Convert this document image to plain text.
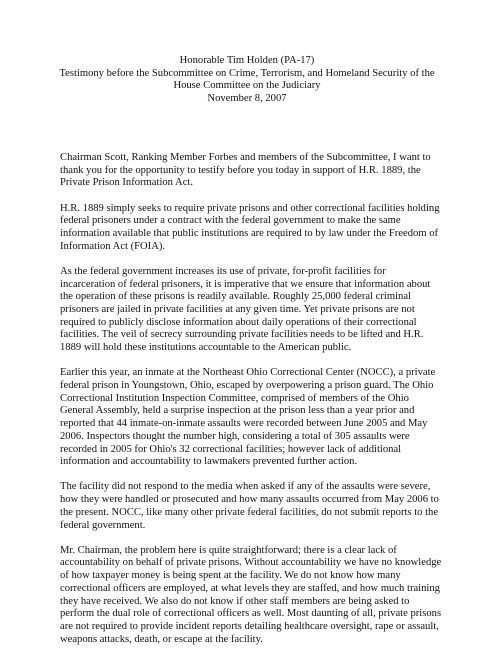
Honorable Tim Holden (PA-17)
Testimony before the Subcommittee on Crime, Terrorism, and Homeland Security of the
House Committee on the Judiciary
November 8, 2007

Chairman Scott, Ranking Member Forbes and members of the Subcommittee, I want to thank you for the opportunity to testify before you today in support of H.R. 1889, the Private Prison Information Act.

H.R. 1889 simply seeks to require private prisons and other correctional facilities holding federal prisoners under a contract with the federal government to make the same information available that public institutions are required to by law under the Freedom of Information Act (FOIA).

As the federal government increases its use of private, for-profit facilities for incarceration of federal prisoners, it is imperative that we ensure that information about the operation of these prisons is readily available. Roughly 25,000 federal criminal prisoners are jailed in private facilities at any given time. Yet private prisons are not required to publicly disclose information about daily operations of their correctional facilities. The veil of secrecy surrounding private facilities needs to be lifted and H.R. 1889 will hold these institutions accountable to the American public.

Earlier this year, an inmate at the Northeast Ohio Correctional Center (NOCC), a private federal prison in Youngstown, Ohio, escaped by overpowering a prison guard. The Ohio Correctional Institution Inspection Committee, comprised of members of the Ohio General Assembly, held a surprise inspection at the prison less than a year prior and reported that 44 inmate-on-inmate assaults were recorded between June 2005 and May 2006. Inspectors thought the number high, considering a total of 305 assaults were recorded in 2005 for Ohio's 32 correctional facilities; however lack of additional information and accountability to lawmakers prevented further action.

The facility did not respond to the media when asked if any of the assaults were severe, how they were handled or prosecuted and how many assaults occurred from May 2006 to the present. NOCC, like many other private federal facilities, do not submit reports to the federal government.

Mr. Chairman, the problem here is quite straightforward; there is a clear lack of accountability on behalf of private prisons. Without accountability we have no knowledge of how taxpayer money is being spent at the facility. We do not know how many correctional officers are employed, at what levels they are staffed, and how much training they have received. We also do not know if other staff members are being asked to perform the dual role of correctional officers as well. Most daunting of all, private prisons are not required to provide incident reports detailing healthcare oversight, rape or assault, weapons attacks, death, or escape at the facility.
